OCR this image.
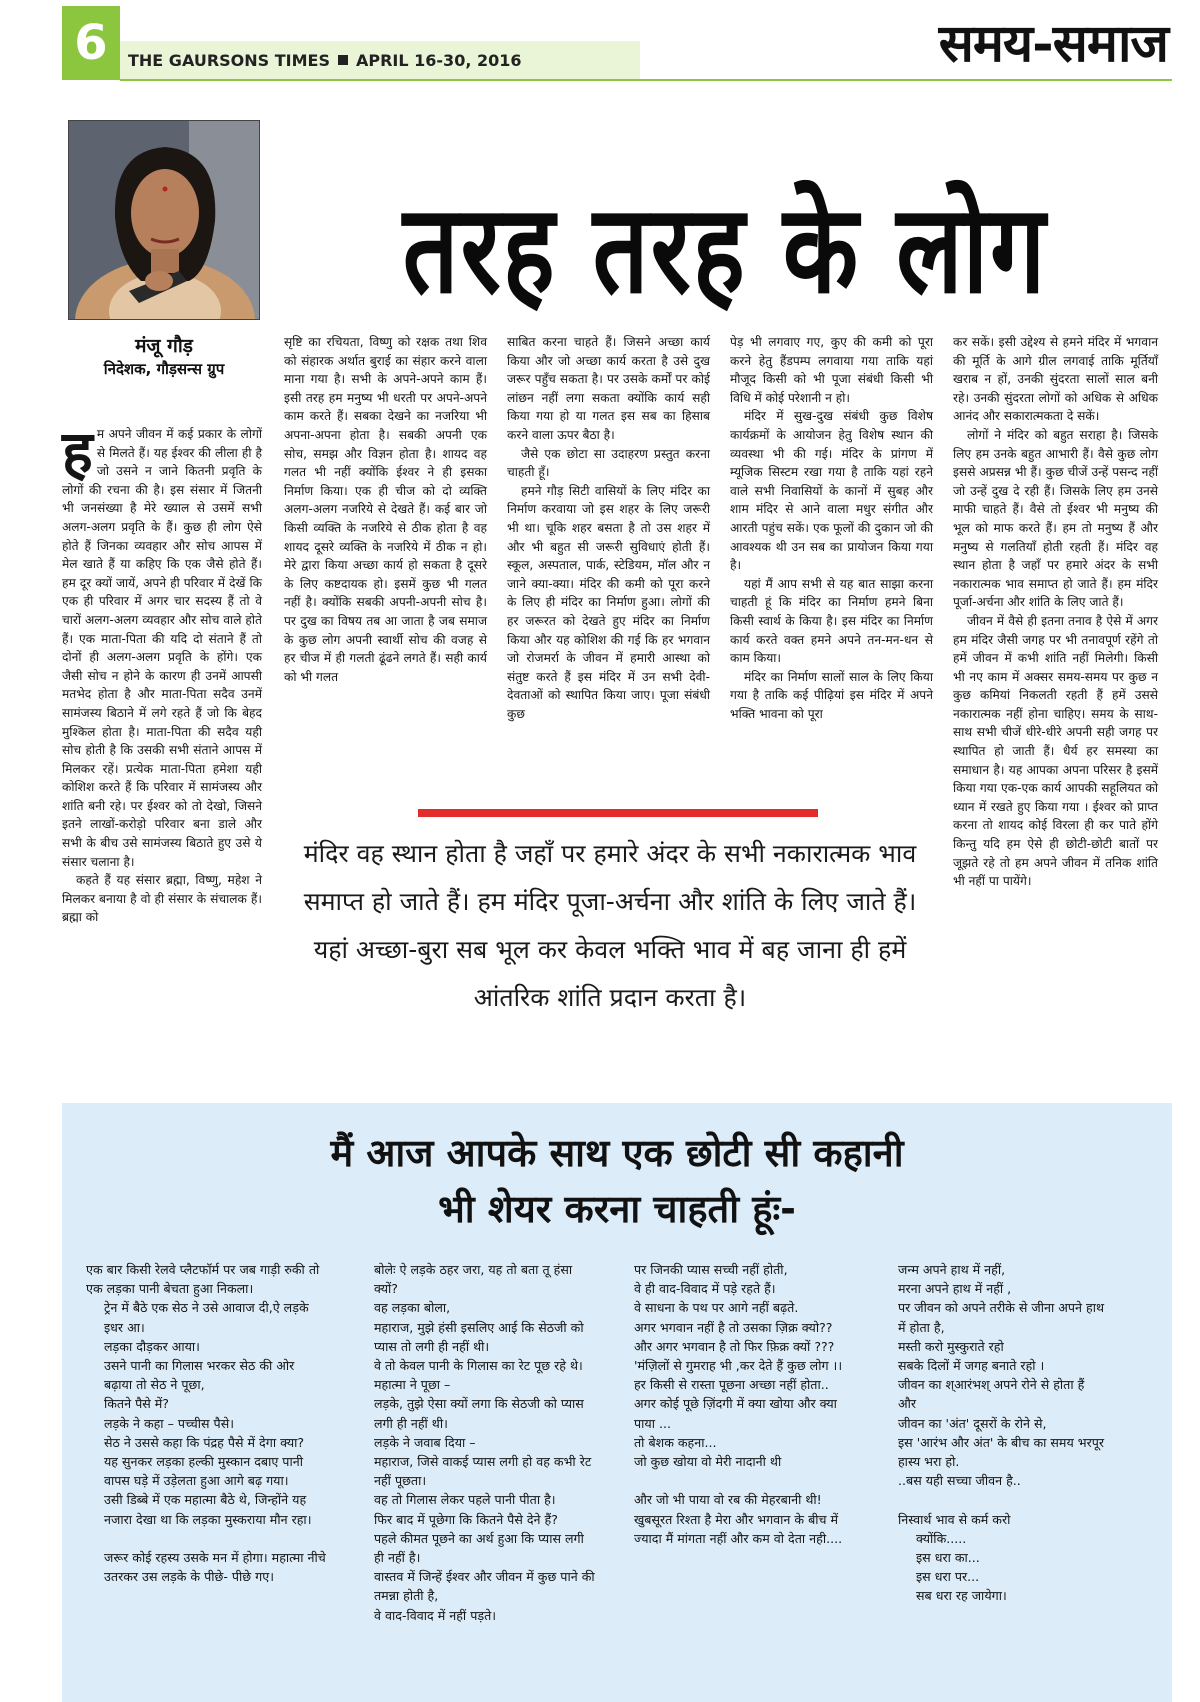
6	THE GAURSONS TIMES APRIL 16-30, 2016	समय-समाज
मंजू गौड़
निदेशक, गौड़सन्स ग्रुप
तरह तरह के लोग

हम अपने जीवन में कई प्रकार के लोगों से मिलते हैं। यह ईश्वर की लीला ही है जो उसने न जाने कितनी प्रवृति के लोगों की रचना की है। इस संसार में जितनी भी जनसंख्या है मेरे ख्याल से उसमें सभी अलग-अलग प्रवृति के हैं। कुछ ही लोग ऐसे होते हैं जिनका व्यवहार और सोच आपस में मेल खाते हैं या कहिए कि एक जैसे होते हैं। हम दूर क्यों जायें, अपने ही परिवार में देखें कि एक ही परिवार में अगर चार सदस्य हैं तो वे चारों अलग-अलग व्यवहार और सोच वाले होते हैं। एक माता-पिता की यदि दो संताने हैं तो दोनों ही अलग-अलग प्रवृति के होंगे। एक जैसी सोच न होने के कारण ही उनमें आपसी मतभेद होता है और माता-पिता सदैव उनमें सामंजस्य बिठाने में लगे रहते हैं जो कि बेहद मुश्किल होता है। माता-पिता की सदैव यही सोच होती है कि उसकी सभी संताने आपस में मिलकर रहें। प्रत्येक माता-पिता हमेशा यही कोशिश करते हैं कि परिवार में सामंजस्य और शांति बनी रहे। पर ईश्वर को तो देखो, जिसने इतने लाखों-करोड़ो परिवार बना डाले और सभी के बीच उसे सामंजस्य बिठाते हुए उसे ये संसार चलाना है।

कहते हैं यह संसार ब्रह्मा, विष्णु, महेश ने मिलकर बनाया है वो ही संसार के संचालक हैं। ब्रह्मा को

सृष्टि का रचियता, विष्णु को रक्षक तथा शिव को संहारक अर्थात बुराई का संहार करने वाला माना गया है। सभी के अपने-अपने काम हैं। इसी तरह हम मनुष्य भी धरती पर अपने-अपने काम करते हैं। सबका देखने का नजरिया भी अपना-अपना होता है। सबकी अपनी एक सोच, समझ और विज्ञन होता है। शायद वह गलत भी नहीं क्योंकि ईश्वर ने ही इसका निर्माण किया। एक ही चीज को दो व्यक्ति अलग-अलग नजरिये से देखते हैं। कई बार जो किसी व्यक्ति के नजरिये से ठीक होता है वह शायद दूसरे व्यक्ति के नजरिये में ठीक न हो। मेरे द्वारा किया अच्छा कार्य हो सकता है दूसरे के लिए कष्टदायक हो। इसमें कुछ भी गलत नहीं है। क्योंकि सबकी अपनी-अपनी सोच है। पर दुख का विषय तब आ जाता है जब समाज के कुछ लोग अपनी स्वार्थी सोच की वजह से हर चीज में ही गलती ढूंढने लगते हैं। सही कार्य को भी गलत

साबित करना चाहते हैं। जिसने अच्छा कार्य किया और जो अच्छा कार्य करता है उसे दुख जरूर पहुँच सकता है। पर उसके कर्मों पर कोई लांछन नहीं लगा सकता क्योंकि कार्य सही किया गया हो या गलत इस सब का हिसाब करने वाला ऊपर बैठा है।

जैसे एक छोटा सा उदाहरण प्रस्तुत करना चाहती हूँ।

हमने गौड़ सिटी वासियों के लिए मंदिर का निर्माण करवाया जो इस शहर के लिए जरूरी भी था। चूकि शहर बसता है तो उस शहर में और भी बहुत सी जरूरी सुविधाएं होती हैं। स्कूल, अस्पताल, पार्क, स्टेडियम, मॉल और न जाने क्या-क्या। मंदिर की कमी को पूरा करने के लिए ही मंदिर का निर्माण हुआ। लोगों की हर जरूरत को देखते हुए मंदिर का निर्माण किया और यह कोशिश की गई कि हर भगवान जो रोजमर्रा के जीवन में हमारी आस्था को संतुष्ट करते हैं इस मंदिर में उन सभी देवी-देवताओं को स्थापित किया जाए। पूजा संबंधी कुछ

पेड़ भी लगवाए गए, कुए की कमी को पूरा करने हेतु हैंडपम्प लगवाया गया ताकि यहां मौजूद किसी को भी पूजा संबंधी किसी भी विधि में कोई परेशानी न हो।

मंदिर में सुख-दुख संबंधी कुछ विशेष कार्यक्रमों के आयोजन हेतु विशेष स्थान की व्यवस्था भी की गई। मंदिर के प्रांगण में म्यूजिक सिस्टम रखा गया है ताकि यहां रहने वाले सभी निवासियों के कानों में सुबह और शाम मंदिर से आने वाला मधुर संगीत और आरती पहुंच सकें। एक फूलों की दुकान जो की आवश्यक थी उन सब का प्रायोजन किया गया है।

यहां मैं आप सभी से यह बात साझा करना चाहती हूं कि मंदिर का निर्माण हमने बिना किसी स्वार्थ के किया है। इस मंदिर का निर्माण कार्य करते वक्त हमने अपने तन-मन-धन से काम किया।

मंदिर का निर्माण सालों साल के लिए किया गया है ताकि कई पीढ़ियां इस मंदिर में अपने भक्ति भावना को पूरा

कर सकें। इसी उद्देश्य से हमने मंदिर में भगवान की मूर्ति के आगे ग्रील लगवाई ताकि मूर्तियाँ खराब न हों, उनकी सुंदरता सालों साल बनी रहे। उनकी सुंदरता लोगों को अधिक से अधिक आनंद और सकारात्मकता दे सकें।

लोगों ने मंदिर को बहुत सराहा है। जिसके लिए हम उनके बहुत आभारी हैं। वैसे कुछ लोग इससे अप्रसन्न भी हैं। कुछ चीजें उन्हें पसन्द नहीं जो उन्हें दुख दे रही हैं। जिसके लिए हम उनसे माफी चाहते हैं। वैसे तो ईश्वर भी मनुष्य की भूल को माफ करते हैं। हम तो मनुष्य हैं और मनुष्य से गलतियाँ होती रहती हैं। मंदिर वह स्थान होता है जहाँ पर हमारे अंदर के सभी नकारात्मक भाव समाप्त हो जाते हैं। हम मंदिर पूर्जा-अर्चना और शांति के लिए जाते हैं।

जीवन में वैसे ही इतना तनाव है ऐसे में अगर हम मंदिर जैसी जगह पर भी तनावपूर्ण रहेंगे तो हमें जीवन में कभी शांति नहीं मिलेगी। किसी भी नए काम में अक्सर समय-समय पर कुछ न कुछ कमियां निकलती रहती हैं हमें उससे नकारात्मक नहीं होना चाहिए। समय के साथ-साथ सभी चीजें धीरे-धीरे अपनी सही जगह पर स्थापित हो जाती हैं। धैर्य हर समस्या का समाधान है। यह आपका अपना परिसर है इसमें किया गया एक-एक कार्य आपकी सहूलियत को ध्यान में रखते हुए किया गया । ईश्वर को प्राप्त करना तो शायद कोई विरला ही कर पाते होंगे किन्तु यदि हम ऐसे ही छोटी-छोटी बातों पर जूझते रहे तो हम अपने जीवन में तनिक शांति भी नहीं पा पायेंगे।

मंदिर वह स्थान होता है जहाँ पर हमारे अंदर के सभी नकारात्मक भाव समाप्त हो जाते हैं। हम मंदिर पूजा-अर्चना और शांति के लिए जाते हैं। यहां अच्छा-बुरा सब भूल कर केवल भक्ति भाव में बह जाना ही हमें आंतरिक शांति प्रदान करता है।
मैं आज आपके साथ एक छोटी सी कहानी
भी शेयर करना चाहती हूंः-
एक बार किसी रेलवे प्लैटफॉर्म पर जब गाड़ी रुकी तो एक लड़का पानी बेचता हुआ निकला।
ट्रेन में बैठे एक सेठ ने उसे आवाज दी,ऐ लड़के इधर आ।
लड़का दौड़कर आया।
उसने पानी का गिलास भरकर सेठ की ओर बढ़ाया तो सेठ ने पूछा,
कितने पैसे में?
लड़के ने कहा – पच्चीस पैसे।
सेठ ने उससे कहा कि पंद्रह पैसे में देगा क्या?
यह सुनकर लड़का हल्की मुस्कान दबाए पानी वापस घड़े में उड़ेलता हुआ आगे बढ़ गया।
उसी डिब्बे में एक महात्मा बैठे थे, जिन्होंने यह नजारा देखा था कि लड़का मुस्कराया मौन रहा।
जरूर कोई रहस्य उसके मन में होगा। महात्मा नीचे उतरकर उस लड़के के पीछे- पीछे गए।
बोलेः ऐ लड़के ठहर जरा, यह तो बता तू हंसा क्यों?
वह लड़का बोला,
महाराज, मुझे हंसी इसलिए आई कि सेठजी को प्यास तो लगी ही नहीं थी।
वे तो केवल पानी के गिलास का रेट पूछ रहे थे।
महात्मा ने पूछा –
लड़के, तुझे ऐसा क्यों लगा कि सेठजी को प्यास लगी ही नहीं थी।
लड़के ने जवाब दिया –
महाराज, जिसे वाकई प्यास लगी हो वह कभी रेट नहीं पूछता।
वह तो गिलास लेकर पहले पानी पीता है।
फिर बाद में पूछेगा कि कितने पैसे देने हैं?
पहले कीमत पूछने का अर्थ हुआ कि प्यास लगी ही नहीं है।
वास्तव में जिन्हें ईश्वर और जीवन में कुछ पाने की तमन्ना होती है,
वे वाद-विवाद में नहीं पड़ते।
पर जिनकी प्यास सच्ची नहीं होती,
वे ही वाद-विवाद में पड़े रहते हैं।
वे साधना के पथ पर आगे नहीं बढ़ते.
अगर भगवान नहीं है तो उसका ज़िक्र क्यो??
और अगर भगवान है तो फिर फ़िक्र क्यों ???
'मंज़िलों से गुमराह भी ,कर देते हैं कुछ लोग ।।
हर किसी से रास्ता पूछना अच्छा नहीं होता..
अगर कोई पूछे ज़िंदगी में क्या खोया और क्या पाया ...
तो बेशक कहना...
जो कुछ खोया वो मेरी नादानी थी
और जो भी पाया वो रब की मेहरबानी थी!
खुबसूरत रिश्ता है मेरा और भगवान के बीच में
ज्यादा मैं मांगता नहीं और कम वो देता नही....
जन्म अपने हाथ में नहीं,
मरना अपने हाथ में नहीं ,
पर जीवन को अपने तरीके से जीना अपने हाथ में होता है,
मस्ती करो मुस्कुराते रहो
सबके दिलों में जगह बनाते रहो ।
जीवन का श्आरंभश् अपने रोने से होता हैं
और
जीवन का 'अंत' दूसरों के रोने से,
इस 'आरंभ और अंत' के बीच का समय भरपूर हास्य भरा हो.
..बस यही सच्चा जीवन है..
निस्वार्थ भाव से कर्म करो
क्योंकि.....
इस धरा का...
इस धरा पर...
सब धरा रह जायेगा।
